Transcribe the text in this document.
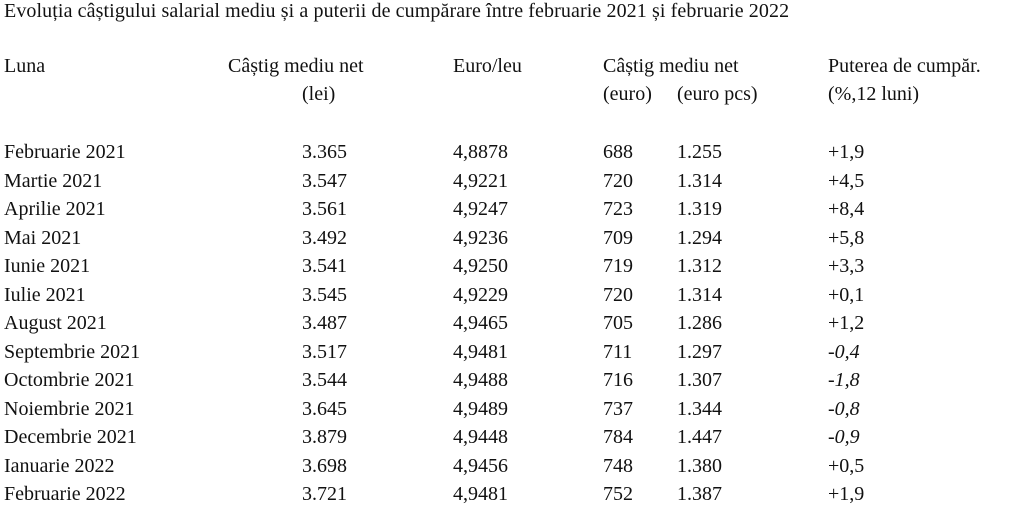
Evoluția câștigului salarial mediu și a puterii de cumpărare între februarie 2021 și februarie 2022
Luna	Câștig mediu net
(lei)
Euro/leu	Câștig mediu net
(euro) (euro pcs)
Puterea de cumpăr.
(%,12 luni)
Februarie 2021	3.365	4,8878	688 1.255	+1,9
Martie 2021	3.547	4,9221	720 1.314	+4,5
Aprilie 2021	3.561	4,9247	723 1.319	+8,4
Mai 2021	3.492	4,9236	709 1.294	+5,8
Iunie 2021	3.541	4,9250	719 1.312	+3,3
Iulie 2021	3.545	4,9229	720 1.314	+0,1
August 2021	3.487	4,9465	705 1.286	+1,2
Septembrie 2021	3.517	4,9481	711 1.297	-0,4
Octombrie 2021	3.544	4,9488	716 1.307	-1,8
Noiembrie 2021	3.645	4,9489	737 1.344	-0,8
Decembrie 2021	3.879	4,9448	784 1.447	-0,9
Ianuarie 2022	3.698	4,9456	748 1.380	+0,5
Februarie 2022	3.721	4,9481	752 1.387	+1,9
